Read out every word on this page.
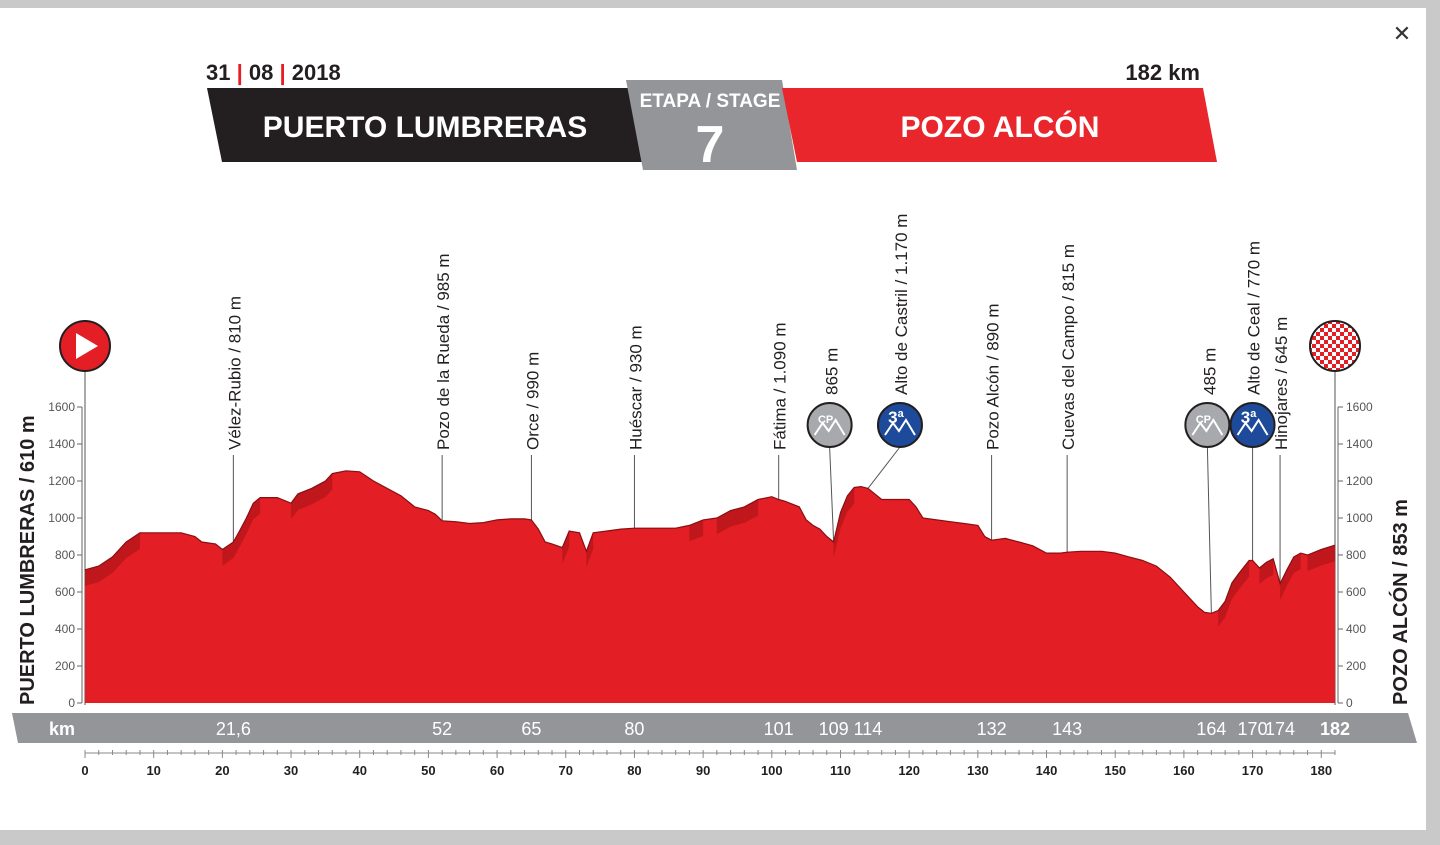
✕
31 | 08 | 2018	182 km
PUERTO LUMBRERAS
ETAPA / STAGE
7	POZO ALCÓN
PUERTO LUMBRERAS / 610 m	POZO ALCÓN / 853 m
0
200
400
600
800
1000
1200
1400
1600
0
200
400
600
800
1000
1200
1400
1600
Vélez-Rubio / 810 m	Pozo de la Rueda / 985 m	Orce / 990 m	Huéscar / 930 m	Fátima / 1.090 m	CP
865 m
3ª
Alto de Castril / 1.170 m	Pozo Alcón / 890 m	Cuevas del Campo / 815 m	CP
485 m
3ª
Alto de Ceal / 770 m Hinojares / 645 m
km	21,6	52	65	80	101 109 114	132	143	164 170
174 182
0	10	20	30	40	50	60	70	80	90	100	110	120	130	140	150	160	170	180
